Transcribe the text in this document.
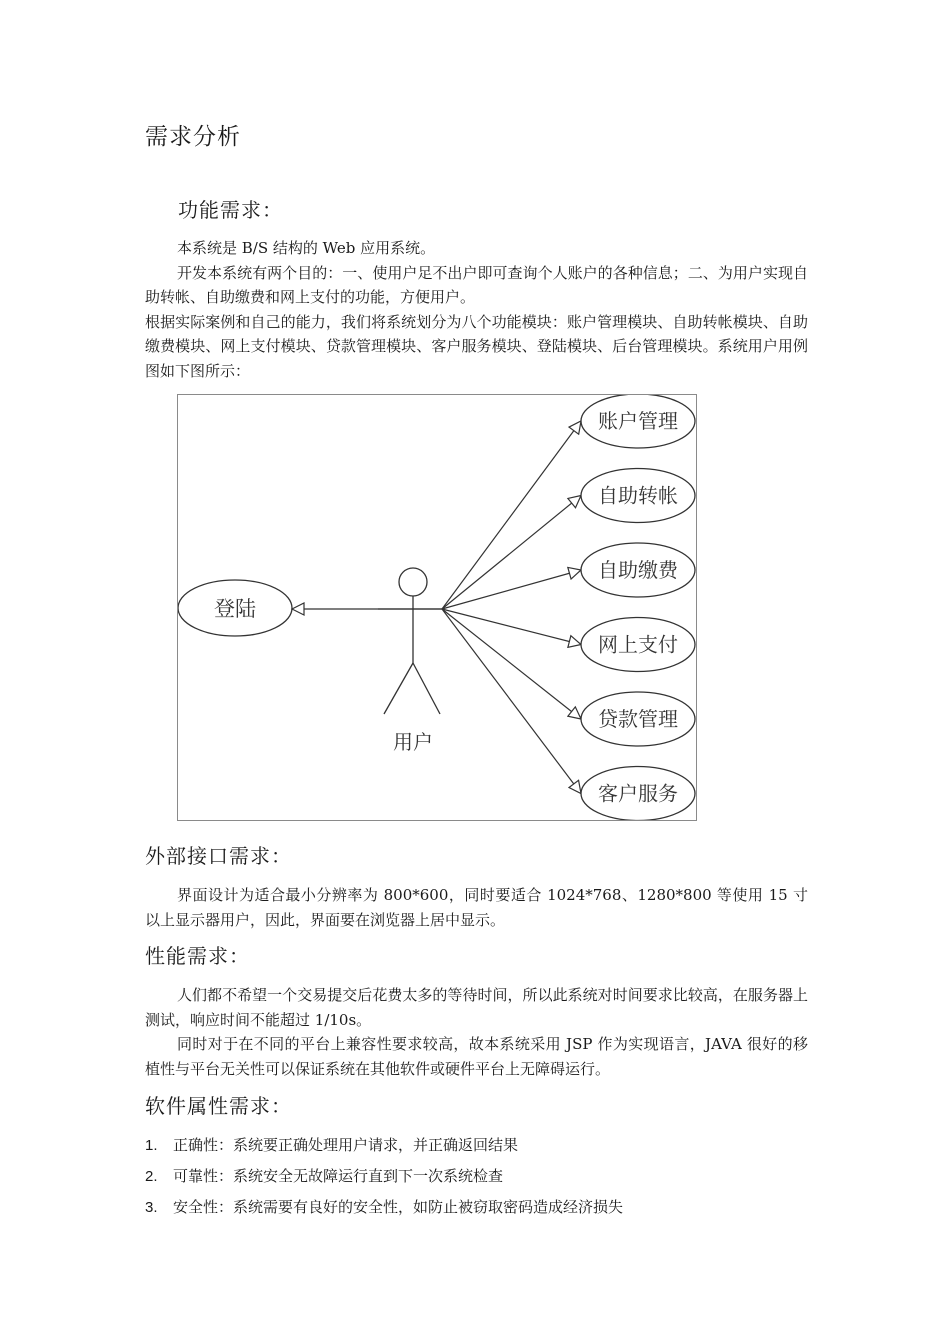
需求分析
功能需求：

本系统是 B/S 结构的 Web 应用系统。

开发本系统有两个目的：一、使用户足不出户即可查询个人账户的各种信息；二、为用户实现自助转帐、自助缴费和网上支付的功能，方便用户。

根据实际案例和自己的能力，我们将系统划分为八个功能模块：账户管理模块、自助转帐模块、自助缴费模块、网上支付模块、贷款管理模块、客户服务模块、登陆模块、后台管理模块。系统用户用例图如下图所示：

用户
登陆
账户管理
自助转帐
自助缴费
网上支付
贷款管理
客户服务
外部接口需求：

界面设计为适合最小分辨率为 800*600，同时要适合 1024*768、1280*800 等使用 15 寸以上显示器用户，因此，界面要在浏览器上居中显示。

性能需求：

人们都不希望一个交易提交后花费太多的等待时间，所以此系统对时间要求比较高，在服务器上测试，响应时间不能超过 1/10s。

同时对于在不同的平台上兼容性要求较高，故本系统采用 JSP 作为实现语言，JAVA 很好的移植性与平台无关性可以保证系统在其他软件或硬件平台上无障碍运行。

软件属性需求：
1. 正确性：系统要正确处理用户请求，并正确返回结果
2. 可靠性：系统安全无故障运行直到下一次系统检查
3. 安全性：系统需要有良好的安全性，如防止被窃取密码造成经济损失
